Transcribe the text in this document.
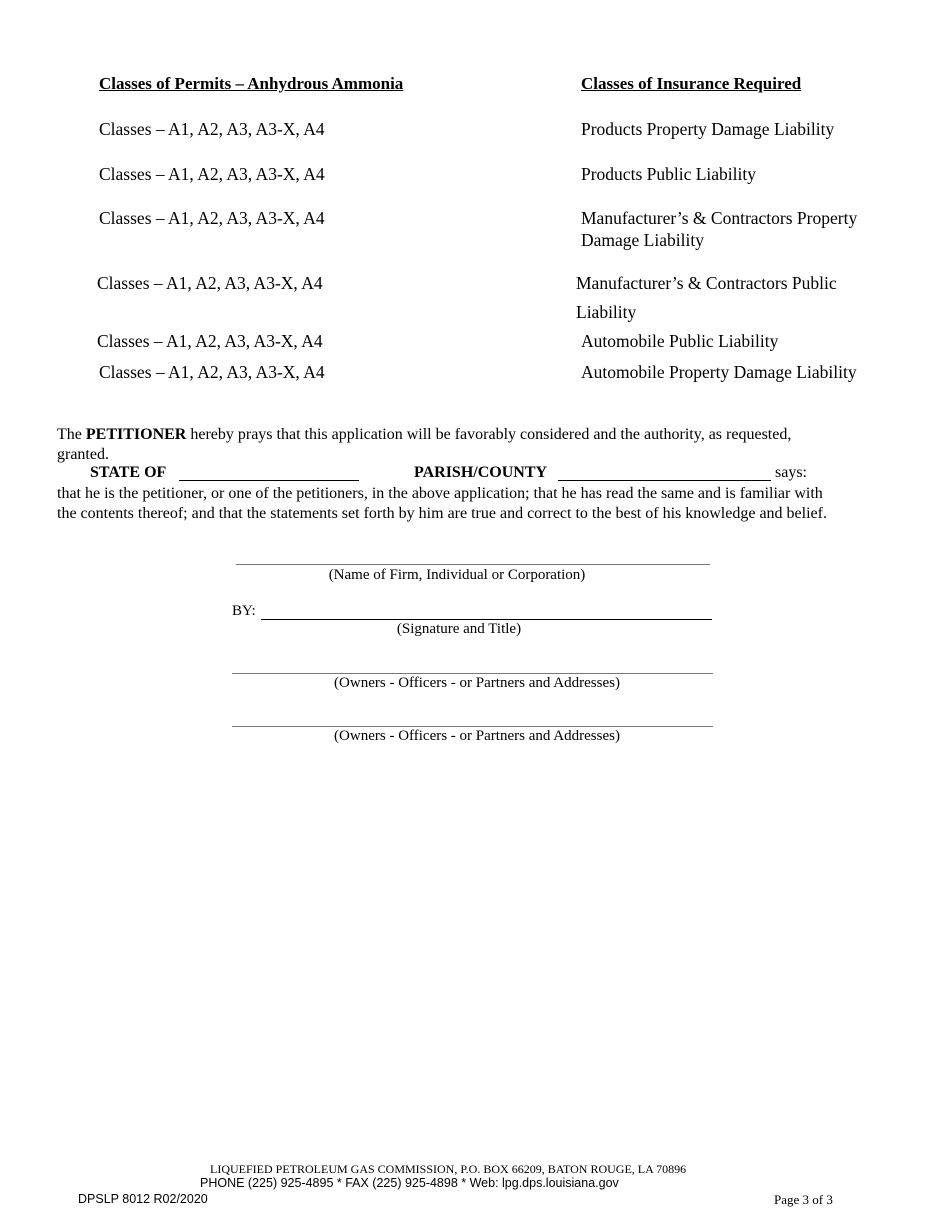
Classes of Permits – Anhydrous Ammonia	Classes of Insurance Required
Classes – A1, A2, A3, A3-X, A4	Products Property Damage Liability
Classes – A1, A2, A3, A3-X, A4	Products Public Liability
Classes – A1, A2, A3, A3-X, A4	Manufacturer’s & Contractors Property
Damage Liability
Classes – A1, A2, A3, A3-X, A4	Manufacturer’s & Contractors Public
Liability
Classes – A1, A2, A3, A3-X, A4	Automobile Public Liability
Classes – A1, A2, A3, A3-X, A4	Automobile Property Damage Liability
The PETITIONER hereby prays that this application will be favorably considered and the authority, as requested,
granted.
STATE OF	PARISH/COUNTY	says:
that he is the petitioner, or one of the petitioners, in the above application; that he has read the same and is familiar with
the contents thereof; and that the statements set forth by him are true and correct to the best of his knowledge and belief.
(Name of Firm, Individual or Corporation)
BY:
(Signature and Title)
(Owners - Officers - or Partners and Addresses)
(Owners - Officers - or Partners and Addresses)
LIQUEFIED PETROLEUM GAS COMMISSION, P.O. BOX 66209, BATON ROUGE, LA 70896
PHONE (225) 925-4895 * FAX (225) 925-4898 * Web: lpg.dps.louisiana.gov
DPSLP 8012 R02/2020	Page 3 of 3
